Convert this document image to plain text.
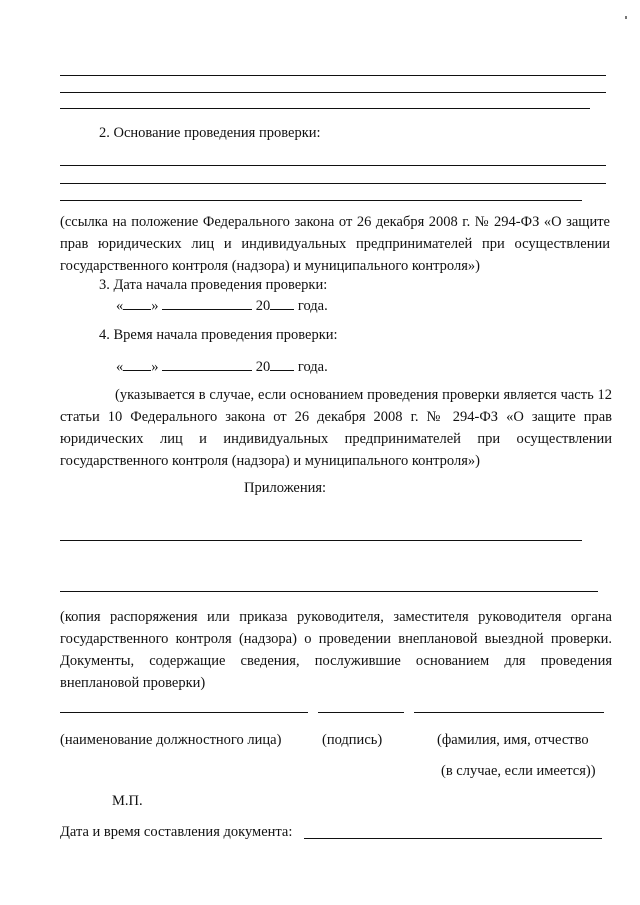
2. Основание проведения проверки:
(ссылка на положение Федерального закона от 26 декабря 2008 г. № 294-ФЗ «О защите прав юридических лиц и индивидуальных предпринимателей при осуществлении государственного контроля (надзора) и муниципального контроля»)
3. Дата начала проведения проверки:
« »	20 года.
4. Время начала проведения проверки:
« »	20 года.
(указывается в случае, если основанием проведения проверки является часть 12 статьи 10 Федерального закона от 26 декабря 2008 г. № 294-ФЗ «О защите прав юридических лиц и индивидуальных предпринимателей при осуществлении государственного контроля (надзора) и муниципального контроля»)
Приложения:
(копия распоряжения или приказа руководителя, заместителя руководителя органа государственного контроля (надзора) о проведении внеплановой выездной проверки. Документы, содержащие сведения, послужившие основанием для проведения внеплановой проверки)
(наименование должностного лица)	(подпись)	(фамилия, имя, отчество
(в случае, если имеется))
М.П.
Дата и время составления документа:
